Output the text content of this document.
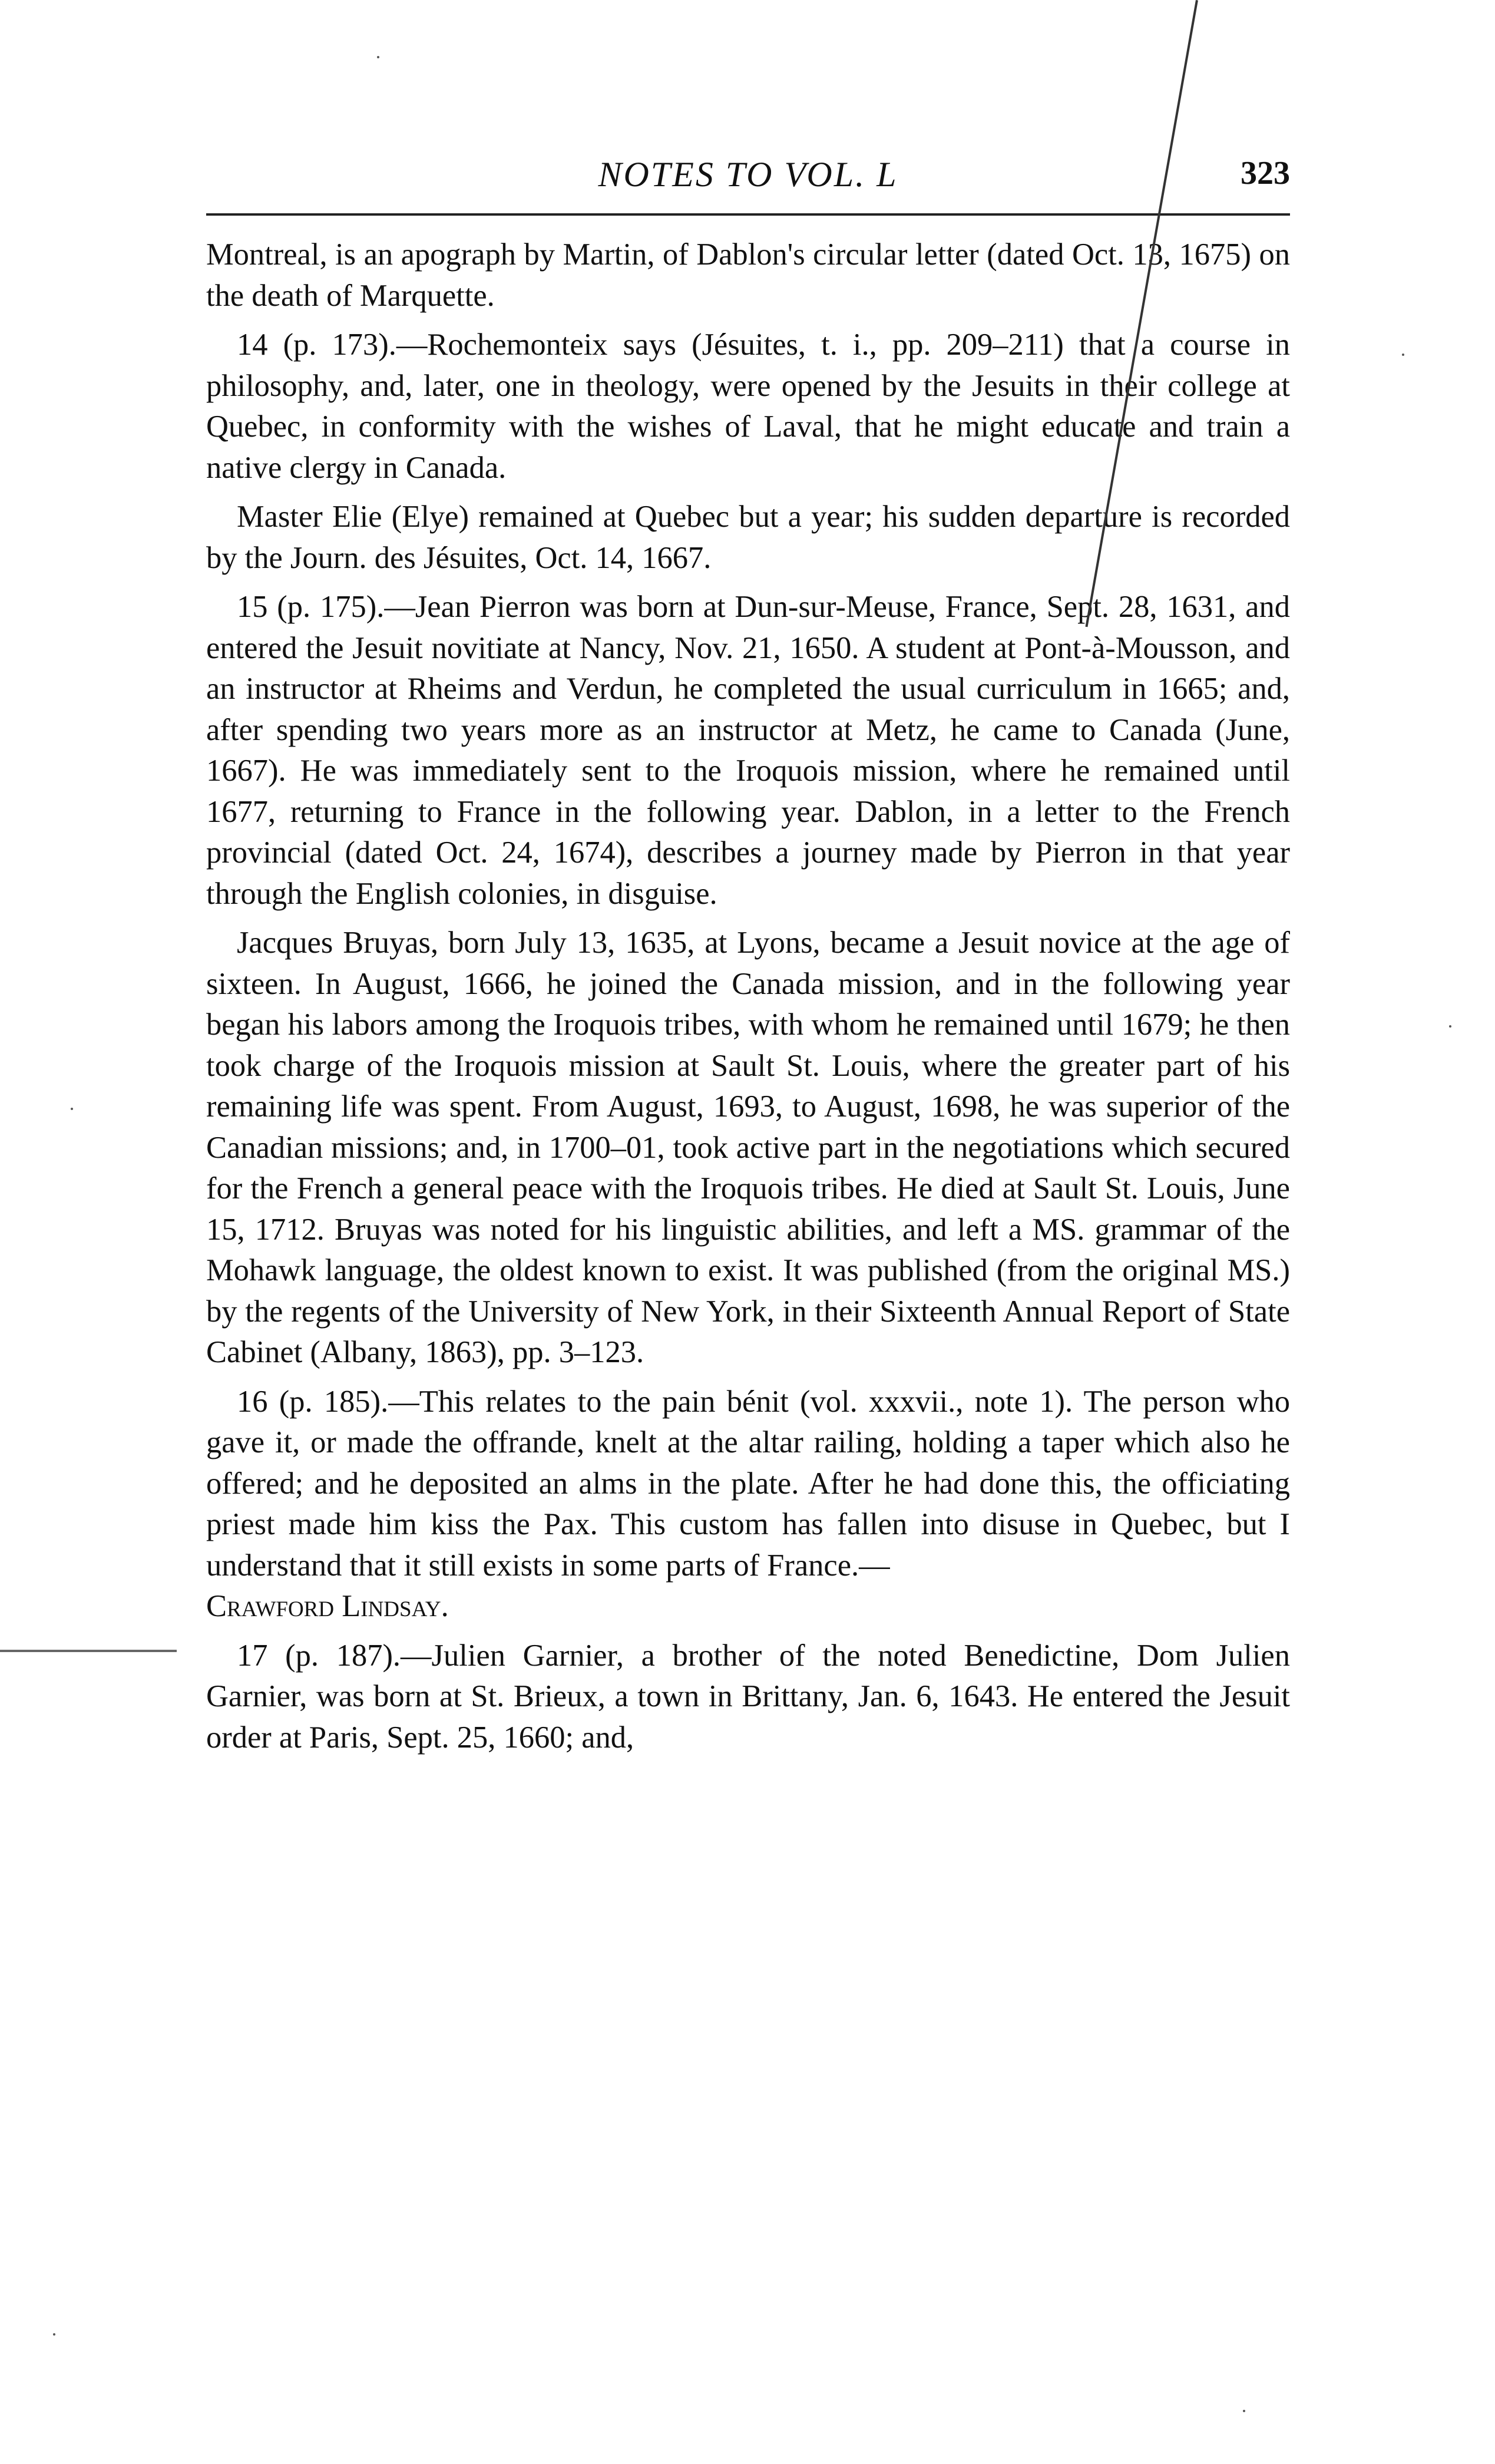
NOTES TO VOL. L	323

Montreal, is an apograph by Martin, of Dablon's circular letter (dated Oct. 13, 1675) on the death of Marquette.

14 (p. 173).—Rochemonteix says (Jésuites, t. i., pp. 209–211) that a course in philosophy, and, later, one in theology, were opened by the Jesuits in their college at Quebec, in conformity with the wishes of Laval, that he might educate and train a native clergy in Canada.

Master Elie (Elye) remained at Quebec but a year; his sudden departure is recorded by the Journ. des Jésuites, Oct. 14, 1667.

15 (p. 175).—Jean Pierron was born at Dun-sur-Meuse, France, Sept. 28, 1631, and entered the Jesuit novitiate at Nancy, Nov. 21, 1650. A student at Pont-à-Mousson, and an instructor at Rheims and Verdun, he completed the usual curriculum in 1665; and, after spending two years more as an instructor at Metz, he came to Canada (June, 1667). He was immediately sent to the Iroquois mission, where he remained until 1677, returning to France in the following year. Dablon, in a letter to the French provincial (dated Oct. 24, 1674), describes a journey made by Pierron in that year through the English colonies, in disguise.

Jacques Bruyas, born July 13, 1635, at Lyons, became a Jesuit novice at the age of sixteen. In August, 1666, he joined the Canada mission, and in the following year began his labors among the Iroquois tribes, with whom he remained until 1679; he then took charge of the Iroquois mission at Sault St. Louis, where the greater part of his remaining life was spent. From August, 1693, to August, 1698, he was superior of the Canadian missions; and, in 1700–01, took active part in the negotiations which secured for the French a general peace with the Iroquois tribes. He died at Sault St. Louis, June 15, 1712. Bruyas was noted for his linguistic abilities, and left a MS. grammar of the Mohawk language, the oldest known to exist. It was published (from the original MS.) by the regents of the University of New York, in their Sixteenth Annual Report of State Cabinet (Albany, 1863), pp. 3–123.

16 (p. 185).—This relates to the pain bénit (vol. xxxvii., note 1). The person who gave it, or made the offrande, knelt at the altar railing, holding a taper which also he offered; and he deposited an alms in the plate. After he had done this, the officiating priest made him kiss the Pax. This custom has fallen into disuse in Quebec, but I understand that it still exists in some parts of France.—
Crawford Lindsay.

17 (p. 187).—Julien Garnier, a brother of the noted Benedictine, Dom Julien Garnier, was born at St. Brieux, a town in Brittany, Jan. 6, 1643. He entered the Jesuit order at Paris, Sept. 25, 1660; and,
